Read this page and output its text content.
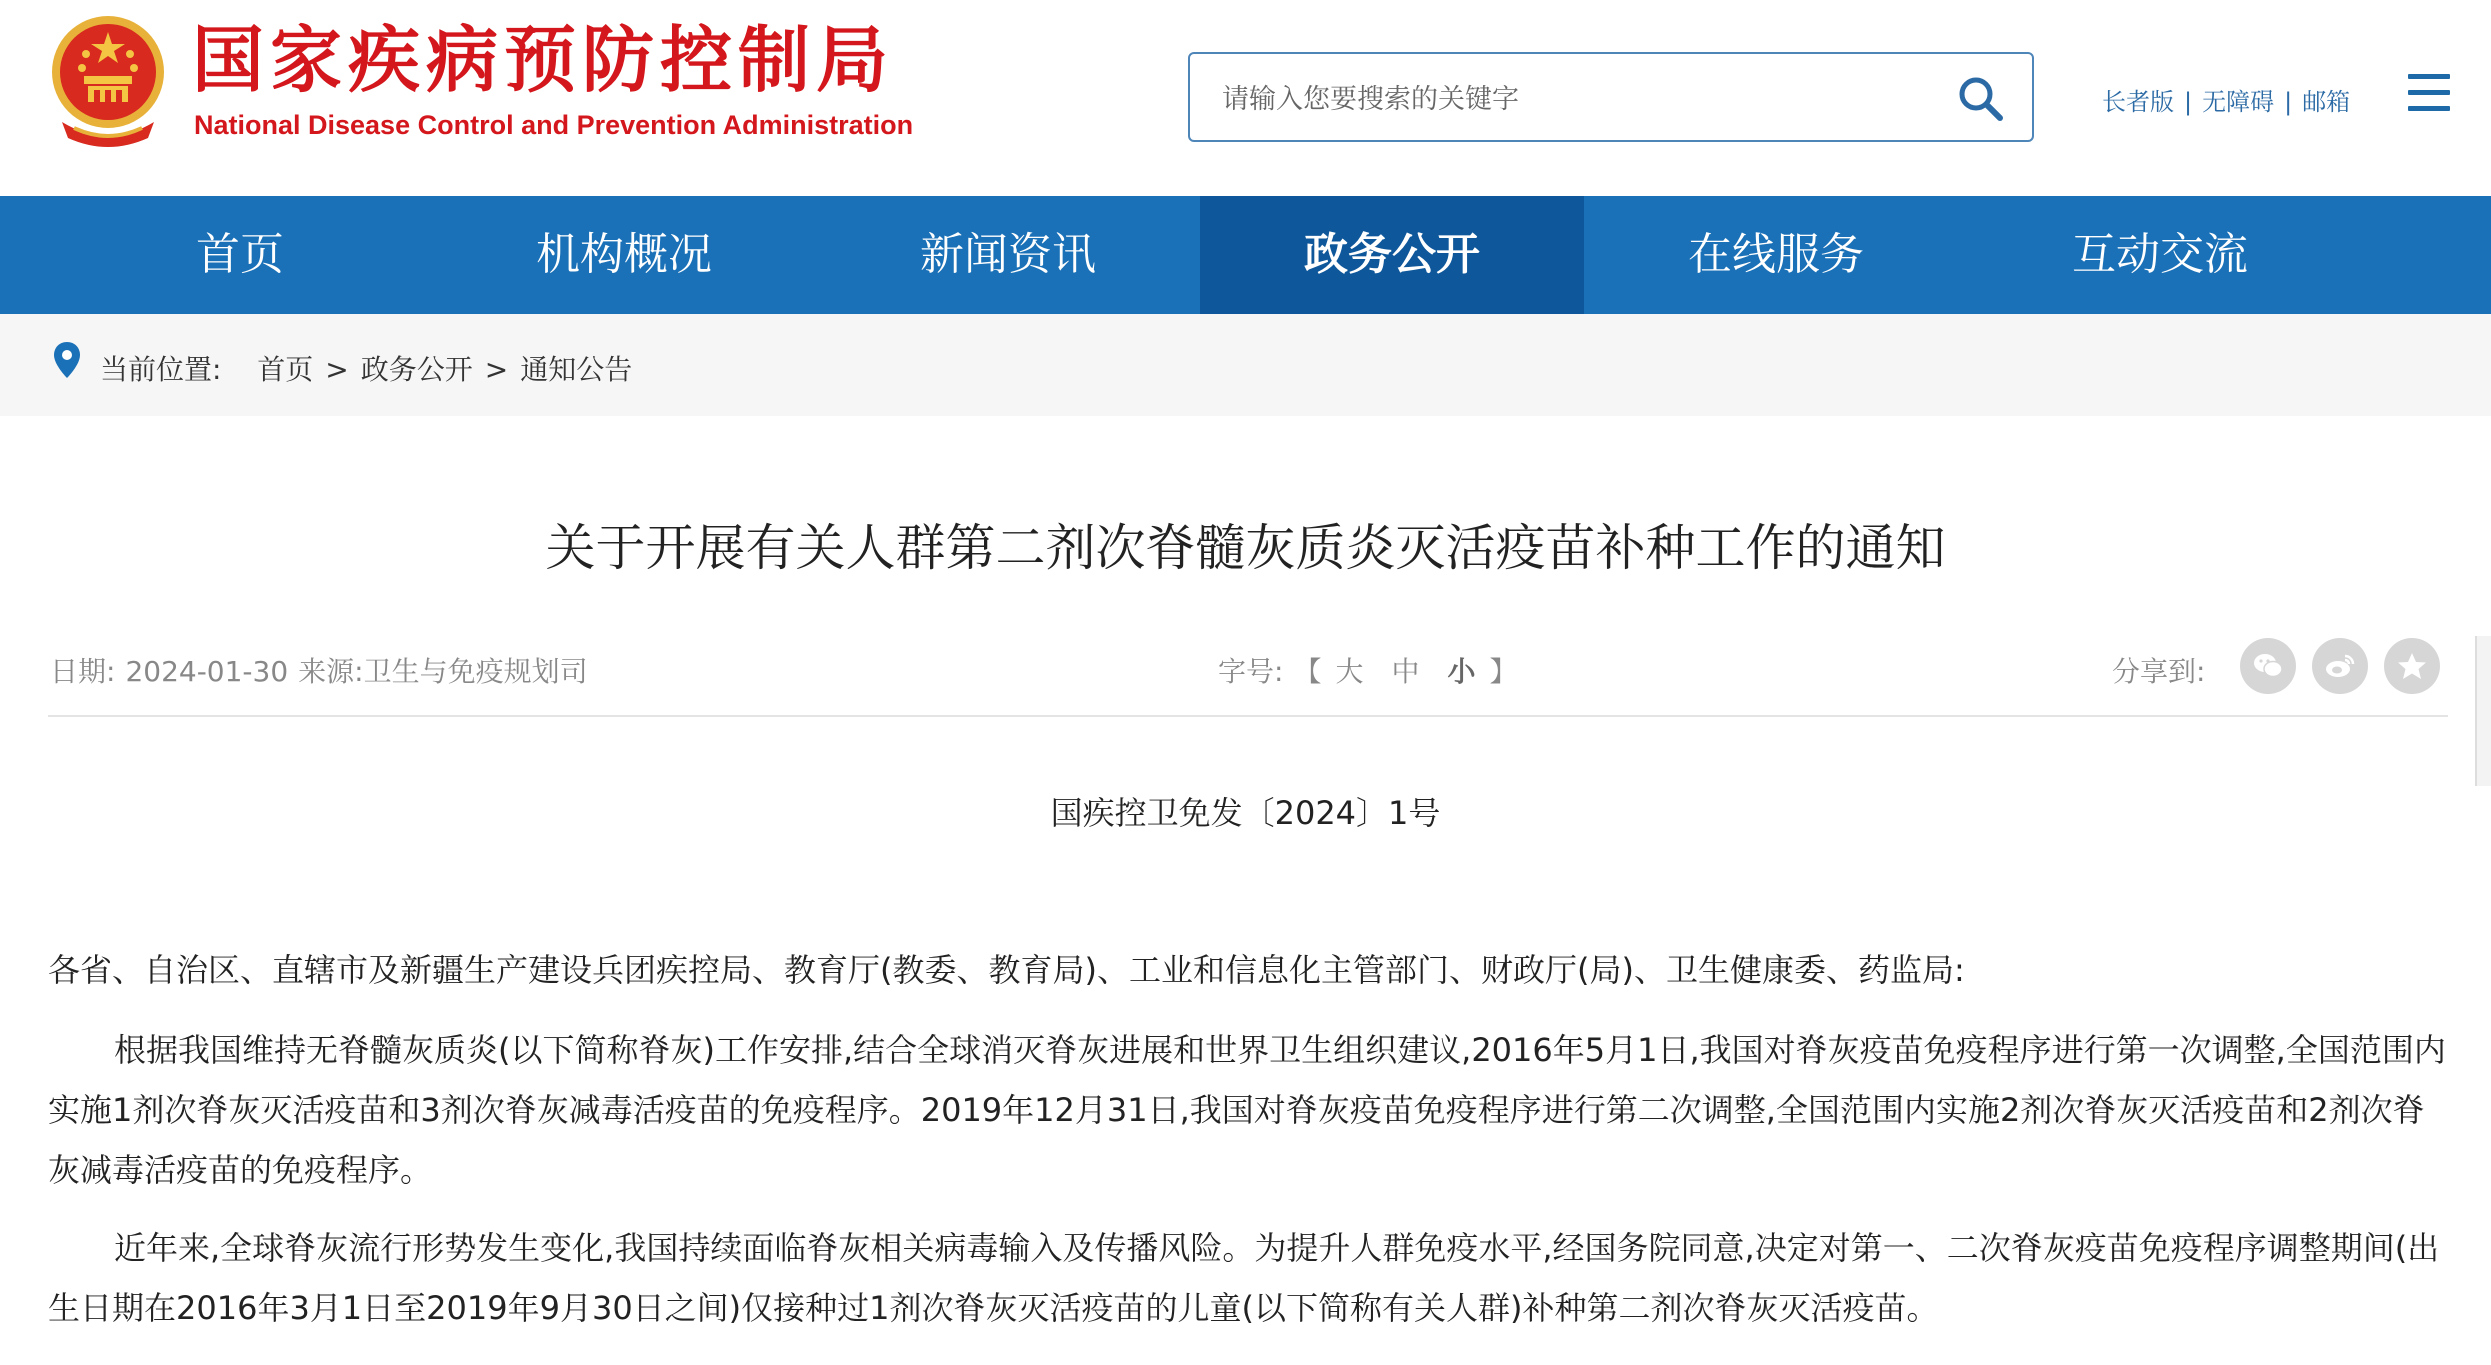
国家疾病预防控制局
National Disease Control and Prevention Administration
请输入您要搜索的关键字
长者版 | 无障碍 | 邮箱
首页	机构概况	新闻资讯	政务公开	在线服务	互动交流
当前位置: 首页 > 政务公开 > 通知公告
关于开展有关人群第二剂次脊髓灰质炎灭活疫苗补种工作的通知
日期: 2024-01-30 来源:卫生与免疫规划司	字号: 【 大 中 小 】	分享到:
国疾控卫免发〔2024〕1号

各省、自治区、直辖市及新疆生产建设兵团疾控局、教育厅(教委、教育局)、工业和信息化主管部门、财政厅(局)、卫生健康委、药监局:

根据我国维持无脊髓灰质炎(以下简称脊灰)工作安排,结合全球消灭脊灰进展和世界卫生组织建议,2016年5月1日,我国对脊灰疫苗免疫程序进行第一次调整,全国范围内实施1剂次脊灰灭活疫苗和3剂次脊灰减毒活疫苗的免疫程序。2019年12月31日,我国对脊灰疫苗免疫程序进行第二次调整,全国范围内实施2剂次脊灰灭活疫苗和2剂次脊灰减毒活疫苗的免疫程序。

近年来,全球脊灰流行形势发生变化,我国持续面临脊灰相关病毒输入及传播风险。为提升人群免疫水平,经国务院同意,决定对第一、二次脊灰疫苗免疫程序调整期间(出生日期在2016年3月1日至2019年9月30日之间)仅接种过1剂次脊灰灭活疫苗的儿童(以下简称有关人群)补种第二剂次脊灰灭活疫苗。
